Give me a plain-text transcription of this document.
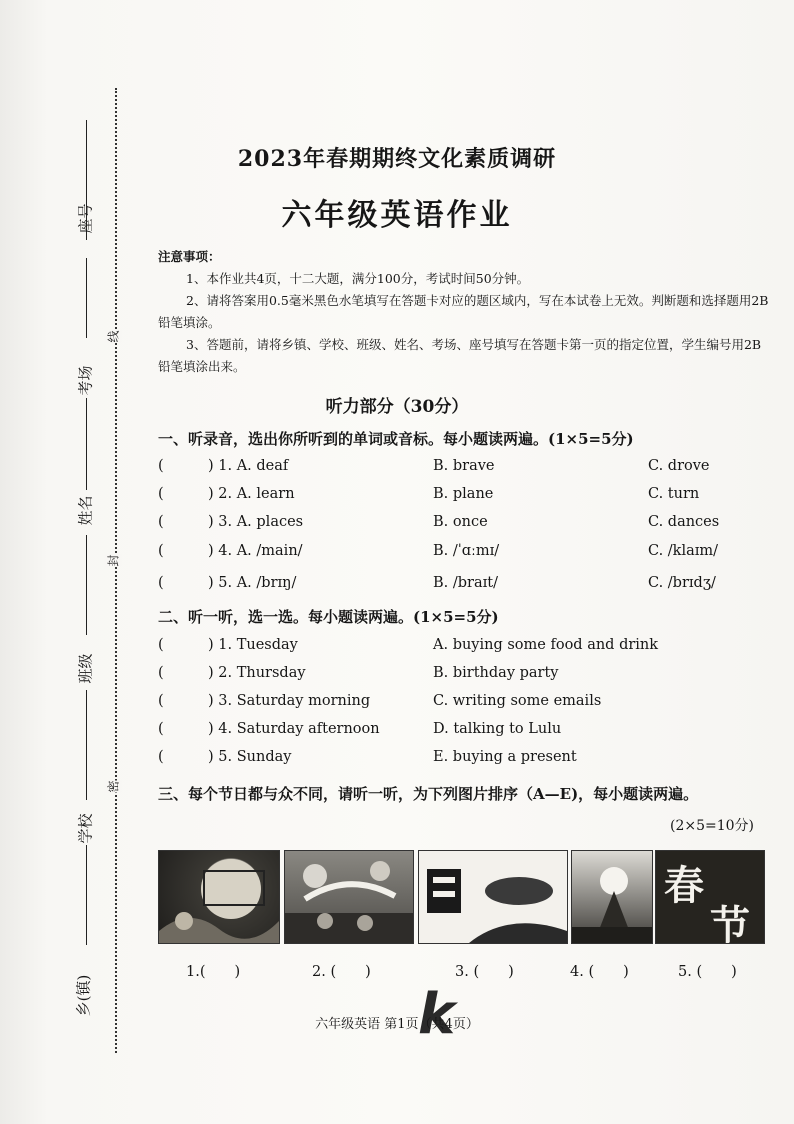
座号
考场
姓名
班级
学校
乡(镇)
线
封
密
2023年春期期终文化素质调研
六年级英语作业

注意事项：

1、本作业共4页，十二大题，满分100分，考试时间50分钟。

2、请将答案用0.5毫米黑色水笔填写在答题卡对应的题区域内，写在本试卷上无效。判断题和选择题用2B铅笔填涂。

3、答题前，请将乡镇、学校、班级、姓名、考场、座号填写在答题卡第一页的指定位置，学生编号用2B铅笔填涂出来。

听力部分（30分）
一、听录音，选出你所听到的单词或音标。每小题读两遍。(1×5=5分)
(	) 1. A. deaf	B. brave	C. drove
(	) 2. A. learn	B. plane	C. turn
(	) 3. A. places	B. once	C. dances
(	) 4. A. /main/	B. /ˈɑːmɪ/	C. /klaɪm/
(	) 5. A. /brɪŋ/	B. /braɪt/	C. /brɪdʒ/
二、听一听，选一选。每小题读两遍。(1×5=5分)
(	) 1. Tuesday	A. buying some food and drink
(	) 2. Thursday	B. birthday party
(	) 3. Saturday morning	C. writing some emails
(	) 4. Saturday afternoon	D. talking to Lulu
(	) 5. Sunday	E. buying a present
三、每个节日都与众不同，请听一听，为下列图片排序（A—E)，每小题读两遍。
(2×5=10分)
春
节
1.(　　)	2. (　　)	3. (　　)	4. (　　)	5. (　　)
k
六年级英语 第1页（共4页）
